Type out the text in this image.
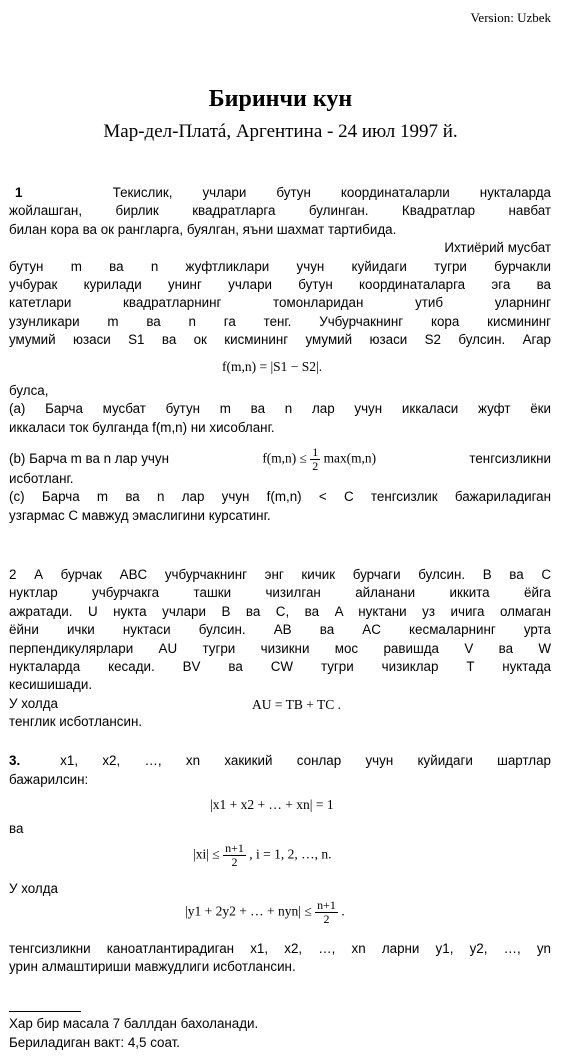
Version: Uzbek
Биринчи кун
Мар-дел-Платá, Аргентина - 24 июл 1997 й.
1	Текислик, учлари бутун координаталарли нукталарда
жойлашган, бирлик квадратларга булинган. Квадратлар навбат
билан кора ва ок рангларга, буялган, яъни шахмат тартибида.
Ихтиёрий мусбат
бутун m ва n жуфтликлари учун куйидаги тугри бурчакли
учбурак курилади унинг учлари бутун координаталарга эга ва
катетлари квадратларнинг томонларидан утиб уларнинг
узунликари m ва n га тенг. Учбурчакнинг кора кисмининг
умумий юзаси S1 ва ок кисмининг умумий юзаси S2 булсин. Агар
f(m,n) = |S1 − S2|.
булса,
(a) Барча мусбат бутун m ва n лар учун иккаласи жуфт ёки
иккаласи ток булганда f(m,n) ни хисобланг.
(b) Барча m ва n лар учун	$f(m,n) \le \frac{1}{2} \max(m,n)$	тенгсизликни
исботланг.
(c) Барча m ва n лар учун f(m,n) < C тенгсизлик бажариладиган
узгармас C мавжуд эмаслигини курсатинг.
2 А бурчак ABC учбурчакнинг энг кичик бурчаги булсин. B ва C
нуктлар учбурчакга ташки чизилган айланани иккита ёйга
ажратади. U нукта учлари B ва C, ва A нуктани уз ичига олмаган
ёйни ички нуктаси булсин. AB ва AC кесмаларнинг урта
перпендикулярлари AU тугри чизикни мос равишда V ва W
нукталарда кесади. BV ва CW тугри чизиклар T нуктада
кесишишади.
У холда
тенглик исботлансин.
AU = TB + TC .
3.	x1, x2, …, xn хакикий сонлар учун куйидаги шартлар
бажарилсин:
|x1 + x2 + … + xn| = 1
ва
$|xi| \le \frac{n+1}{2}$ , i = 1, 2, …, n.
У холда
|y1 + 2y2 + … + $nyn| \le \frac{n+1}{2}$ .
тенгсизликни каноатлантирадиган x1, x2, …, xn ларни y1, y2, …, yn
урин алмаштириши мавжудлиги исботлансин.
Хар бир масала 7 баллдан бахоланади.
Бериладиган вакт: 4,5 соат.
